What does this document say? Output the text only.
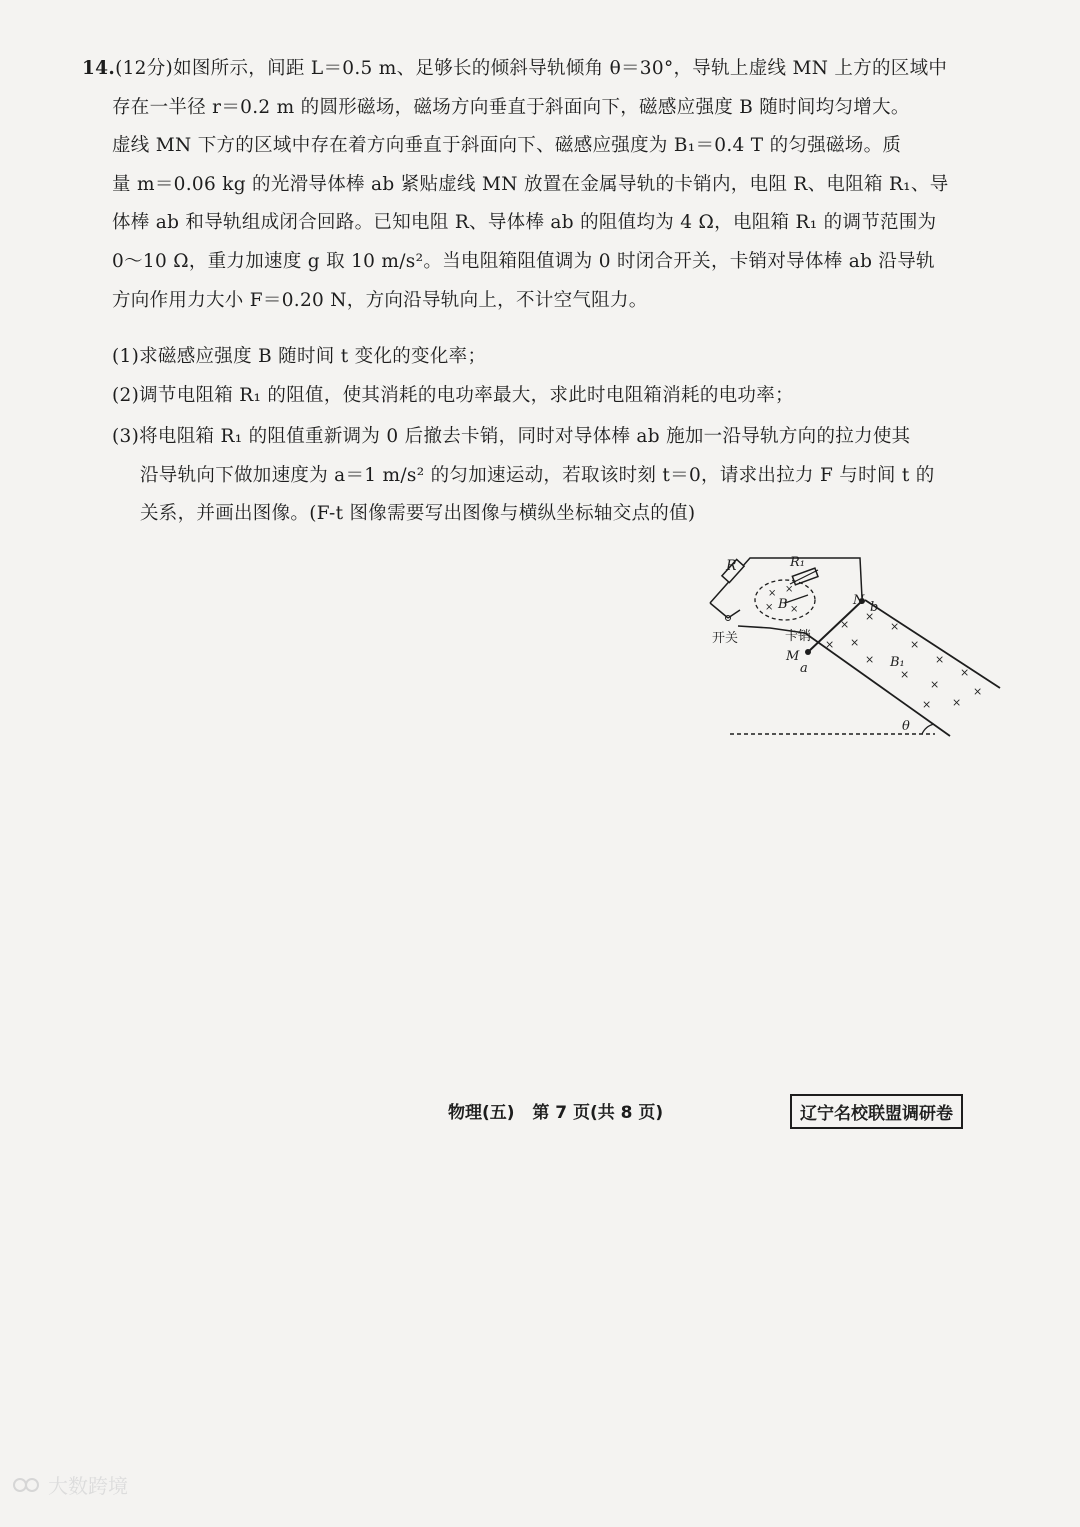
14.(12分)如图所示，间距 L＝0.5 m、足够长的倾斜导轨倾角 θ＝30°，导轨上虚线 MN 上方的区域中

存在一半径 r＝0.2 m 的圆形磁场，磁场方向垂直于斜面向下，磁感应强度 B 随时间均匀增大。

虚线 MN 下方的区域中存在着方向垂直于斜面向下、磁感应强度为 B₁＝0.4 T 的匀强磁场。质

量 m＝0.06 kg 的光滑导体棒 ab 紧贴虚线 MN 放置在金属导轨的卡销内，电阻 R、电阻箱 R₁、导

体棒 ab 和导轨组成闭合回路。已知电阻 R、导体棒 ab 的阻值均为 4 Ω，电阻箱 R₁ 的调节范围为

0～10 Ω，重力加速度 g 取 10 m/s²。当电阻箱阻值调为 0 时闭合开关，卡销对导体棒 ab 沿导轨

方向作用力大小 F＝0.20 N，方向沿导轨向上，不计空气阻力。

(1)求磁感应强度 B 随时间 t 变化的变化率；
(2)调节电阻箱 R₁ 的阻值，使其消耗的电功率最大，求此时电阻箱消耗的电功率；
(3)将电阻箱 R₁ 的阻值重新调为 0 后撤去卡销，同时对导体棒 ab 施加一沿导轨方向的拉力使其
沿导轨向下做加速度为 a＝1 m/s² 的匀加速运动，若取该时刻 t＝0，请求出拉力 F 与时间 t 的
关系，并画出图像。(F-t 图像需要写出图像与横纵坐标轴交点的值)
× ×
× ×
×
×
×
× ×	×
×	×
×
×
×
×
×
×
R	R₁
B
B₁
N b
M
a
开关	卡销
θ
物理(五) 第 7 页(共 8 页)	辽宁名校联盟调研卷
大数跨境
